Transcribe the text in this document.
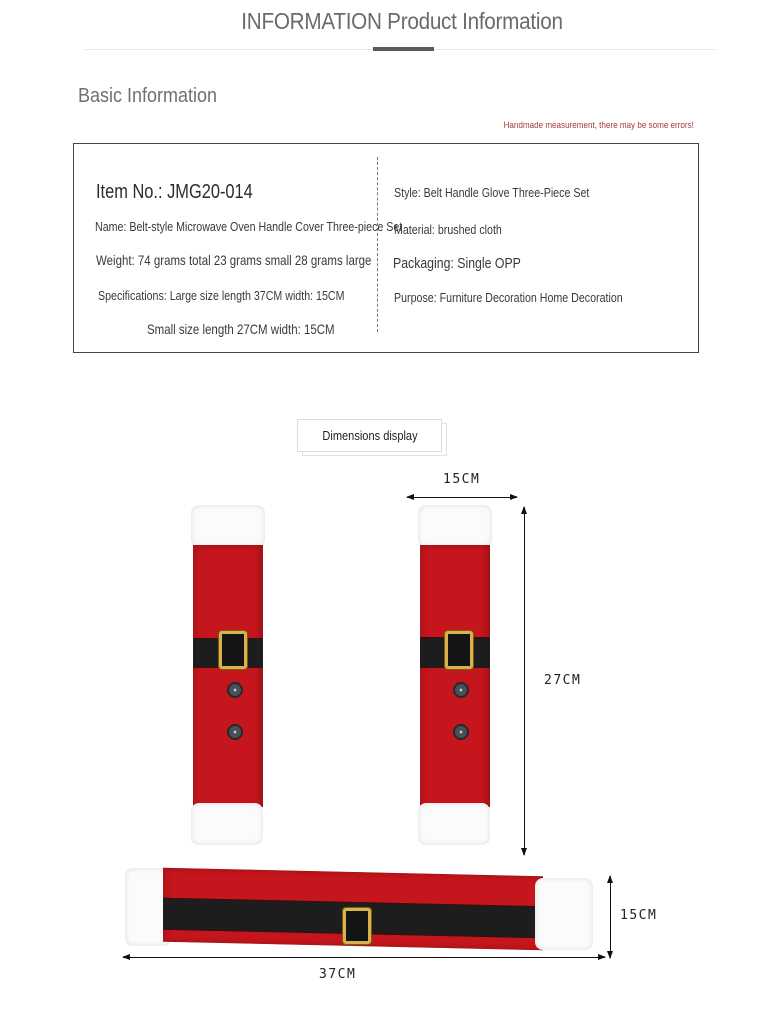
INFORMATION Product Information
Basic Information
Handmade measurement, there may be some errors!
Item No.: JMG20-014
Name: Belt-style Microwave Oven Handle Cover Three-piece Set
Weight: 74 grams total 23 grams small 28 grams large
Specifications: Large size length 37CM width: 15CM
Small size length 27CM width: 15CM
Style: Belt Handle Glove Three-Piece Set
Material: brushed cloth
Packaging: Single OPP
Purpose: Furniture Decoration Home Decoration
Dimensions display
15CM
27CM
15CM
37CM
